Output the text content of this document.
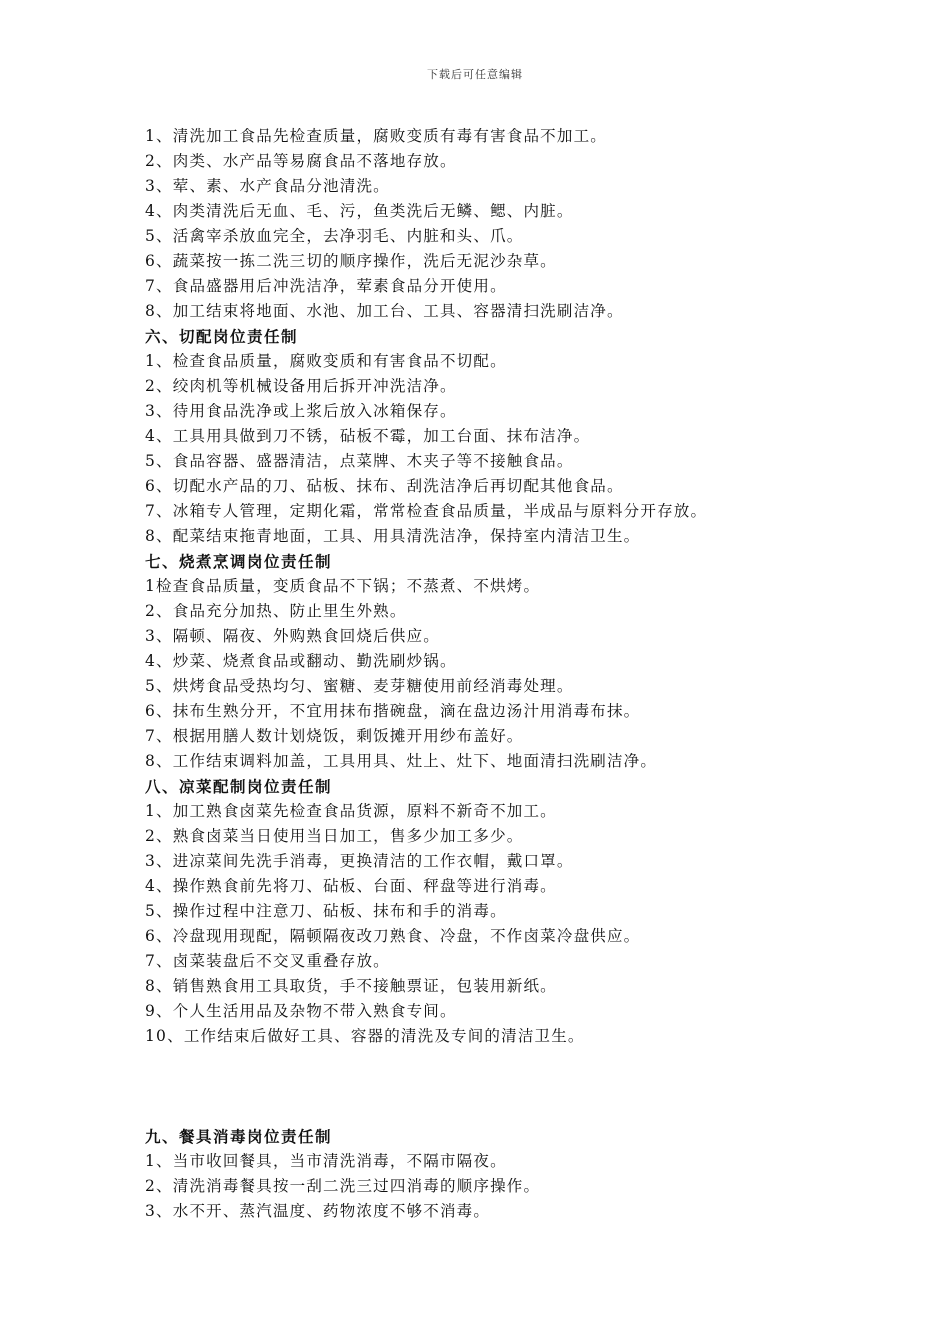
下载后可任意编辑
1、清洗加工食品先检查质量，腐败变质有毒有害食品不加工。
2、肉类、水产品等易腐食品不落地存放。
3、荤、素、水产食品分池清洗。
4、肉类清洗后无血、毛、污，鱼类洗后无鳞、鳃、内脏。
5、活禽宰杀放血完全，去净羽毛、内脏和头、爪。
6、蔬菜按一拣二洗三切的顺序操作，洗后无泥沙杂草。
7、食品盛器用后冲洗洁净，荤素食品分开使用。
8、加工结束将地面、水池、加工台、工具、容器清扫洗刷洁净。
六、切配岗位责任制
1、检查食品质量，腐败变质和有害食品不切配。
2、绞肉机等机械设备用后拆开冲洗洁净。
3、待用食品洗净或上浆后放入冰箱保存。
4、工具用具做到刀不锈，砧板不霉，加工台面、抹布洁净。
5、食品容器、盛器清洁，点菜牌、木夹子等不接触食品。
6、切配水产品的刀、砧板、抹布、刮洗洁净后再切配其他食品。
7、冰箱专人管理，定期化霜，常常检查食品质量，半成品与原料分开存放。
8、配菜结束拖青地面，工具、用具清洗洁净，保持室内清洁卫生。
七、烧煮烹调岗位责任制
1检查食品质量，变质食品不下锅；不蒸煮、不烘烤。
2、食品充分加热、防止里生外熟。
3、隔顿、隔夜、外购熟食回烧后供应。
4、炒菜、烧煮食品或翻动、勤洗刷炒锅。
5、烘烤食品受热均匀、蜜糖、麦芽糖使用前经消毒处理。
6、抹布生熟分开，不宜用抹布揩碗盘，滴在盘边汤汁用消毒布抹。
7、根据用膳人数计划烧饭，剩饭摊开用纱布盖好。
8、工作结束调料加盖，工具用具、灶上、灶下、地面清扫洗刷洁净。
八、凉菜配制岗位责任制
1、加工熟食卤菜先检查食品货源，原料不新奇不加工。
2、熟食卤菜当日使用当日加工，售多少加工多少。
3、进凉菜间先洗手消毒，更换清洁的工作衣帽，戴口罩。
4、操作熟食前先将刀、砧板、台面、秤盘等进行消毒。
5、操作过程中注意刀、砧板、抹布和手的消毒。
6、冷盘现用现配，隔顿隔夜改刀熟食、冷盘，不作卤菜冷盘供应。
7、卤菜装盘后不交叉重叠存放。
8、销售熟食用工具取货，手不接触票证，包装用新纸。
9、个人生活用品及杂物不带入熟食专间。
10、工作结束后做好工具、容器的清洗及专间的清洁卫生。
九、餐具消毒岗位责任制
1、当市收回餐具，当市清洗消毒，不隔市隔夜。
2、清洗消毒餐具按一刮二洗三过四消毒的顺序操作。
3、水不开、蒸汽温度、药物浓度不够不消毒。
